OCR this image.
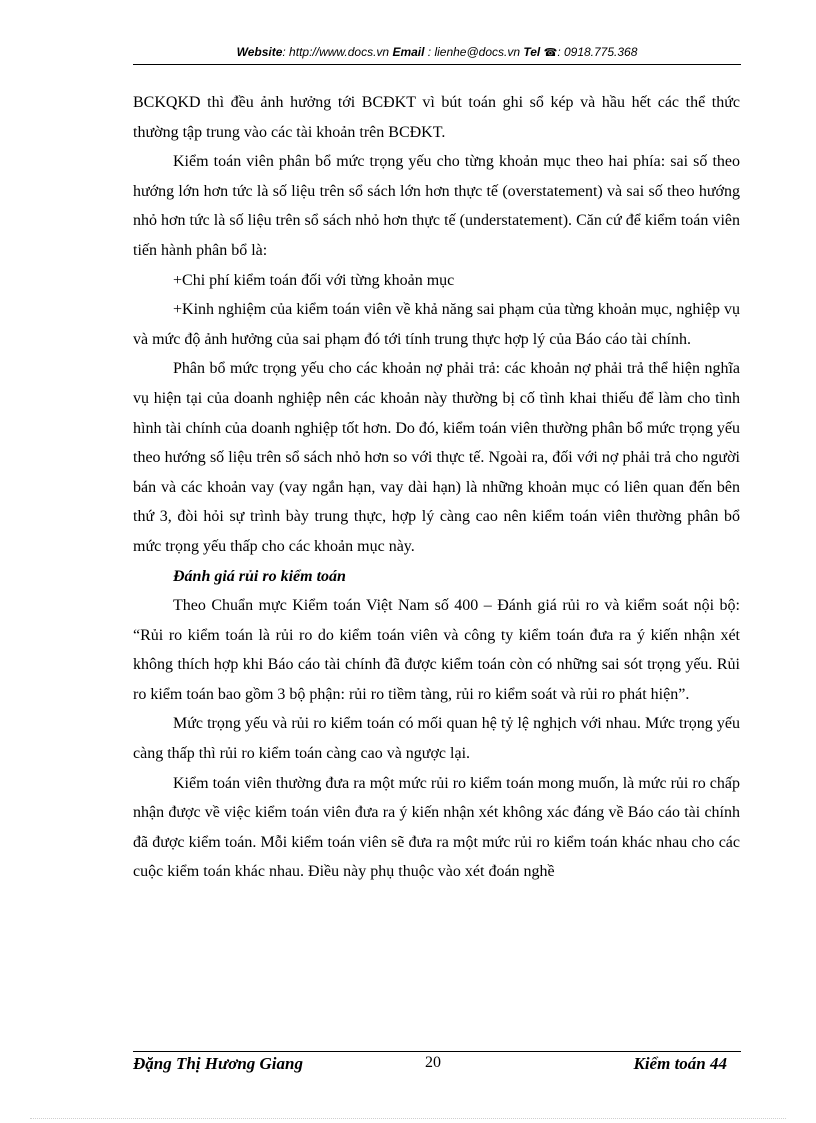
Website: http://www.docs.vn Email : lienhe@docs.vn Tel ☎: 0918.775.368

BCKQKD thì đều ảnh hưởng tới BCĐKT vì bút toán ghi sổ kép và hầu hết các thể thức thường tập trung vào các tài khoản trên BCĐKT.

Kiểm toán viên phân bổ mức trọng yếu cho từng khoản mục theo hai phía: sai số theo hướng lớn hơn tức là số liệu trên sổ sách lớn hơn thực tế (overstatement) và sai số theo hướng nhỏ hơn tức là số liệu trên sổ sách nhỏ hơn thực tế (understatement). Căn cứ để kiểm toán viên tiến hành phân bổ là:

+Chi phí kiểm toán đối với từng khoản mục

+Kinh nghiệm của kiểm toán viên về khả năng sai phạm của từng khoản mục, nghiệp vụ và mức độ ảnh hưởng của sai phạm đó tới tính trung thực hợp lý của Báo cáo tài chính.

Phân bổ mức trọng yếu cho các khoản nợ phải trả: các khoản nợ phải trả thể hiện nghĩa vụ hiện tại của doanh nghiệp nên các khoản này thường bị cố tình khai thiếu để làm cho tình hình tài chính của doanh nghiệp tốt hơn. Do đó, kiểm toán viên thường phân bổ mức trọng yếu theo hướng số liệu trên sổ sách nhỏ hơn so với thực tế. Ngoài ra, đối với nợ phải trả cho người bán và các khoản vay (vay ngắn hạn, vay dài hạn) là những khoản mục có liên quan đến bên thứ 3, đòi hỏi sự trình bày trung thực, hợp lý càng cao nên kiểm toán viên thường phân bổ mức trọng yếu thấp cho các khoản mục này.

Đánh giá rủi ro kiểm toán

Theo Chuẩn mực Kiểm toán Việt Nam số 400 – Đánh giá rủi ro và kiểm soát nội bộ: “Rủi ro kiểm toán là rủi ro do kiểm toán viên và công ty kiểm toán đưa ra ý kiến nhận xét không thích hợp khi Báo cáo tài chính đã được kiểm toán còn có những sai sót trọng yếu. Rủi ro kiểm toán bao gồm 3 bộ phận: rủi ro tiềm tàng, rủi ro kiểm soát và rủi ro phát hiện”.

Mức trọng yếu và rủi ro kiểm toán có mối quan hệ tỷ lệ nghịch với nhau. Mức trọng yếu càng thấp thì rủi ro kiểm toán càng cao và ngược lại.

Kiểm toán viên thường đưa ra một mức rủi ro kiểm toán mong muốn, là mức rủi ro chấp nhận được về việc kiểm toán viên đưa ra ý kiến nhận xét không xác đáng về Báo cáo tài chính đã được kiểm toán. Mỗi kiểm toán viên sẽ đưa ra một mức rủi ro kiểm toán khác nhau cho các cuộc kiểm toán khác nhau. Điều này phụ thuộc vào xét đoán nghề

Đặng Thị Hương Giang	20	Kiểm toán 44
